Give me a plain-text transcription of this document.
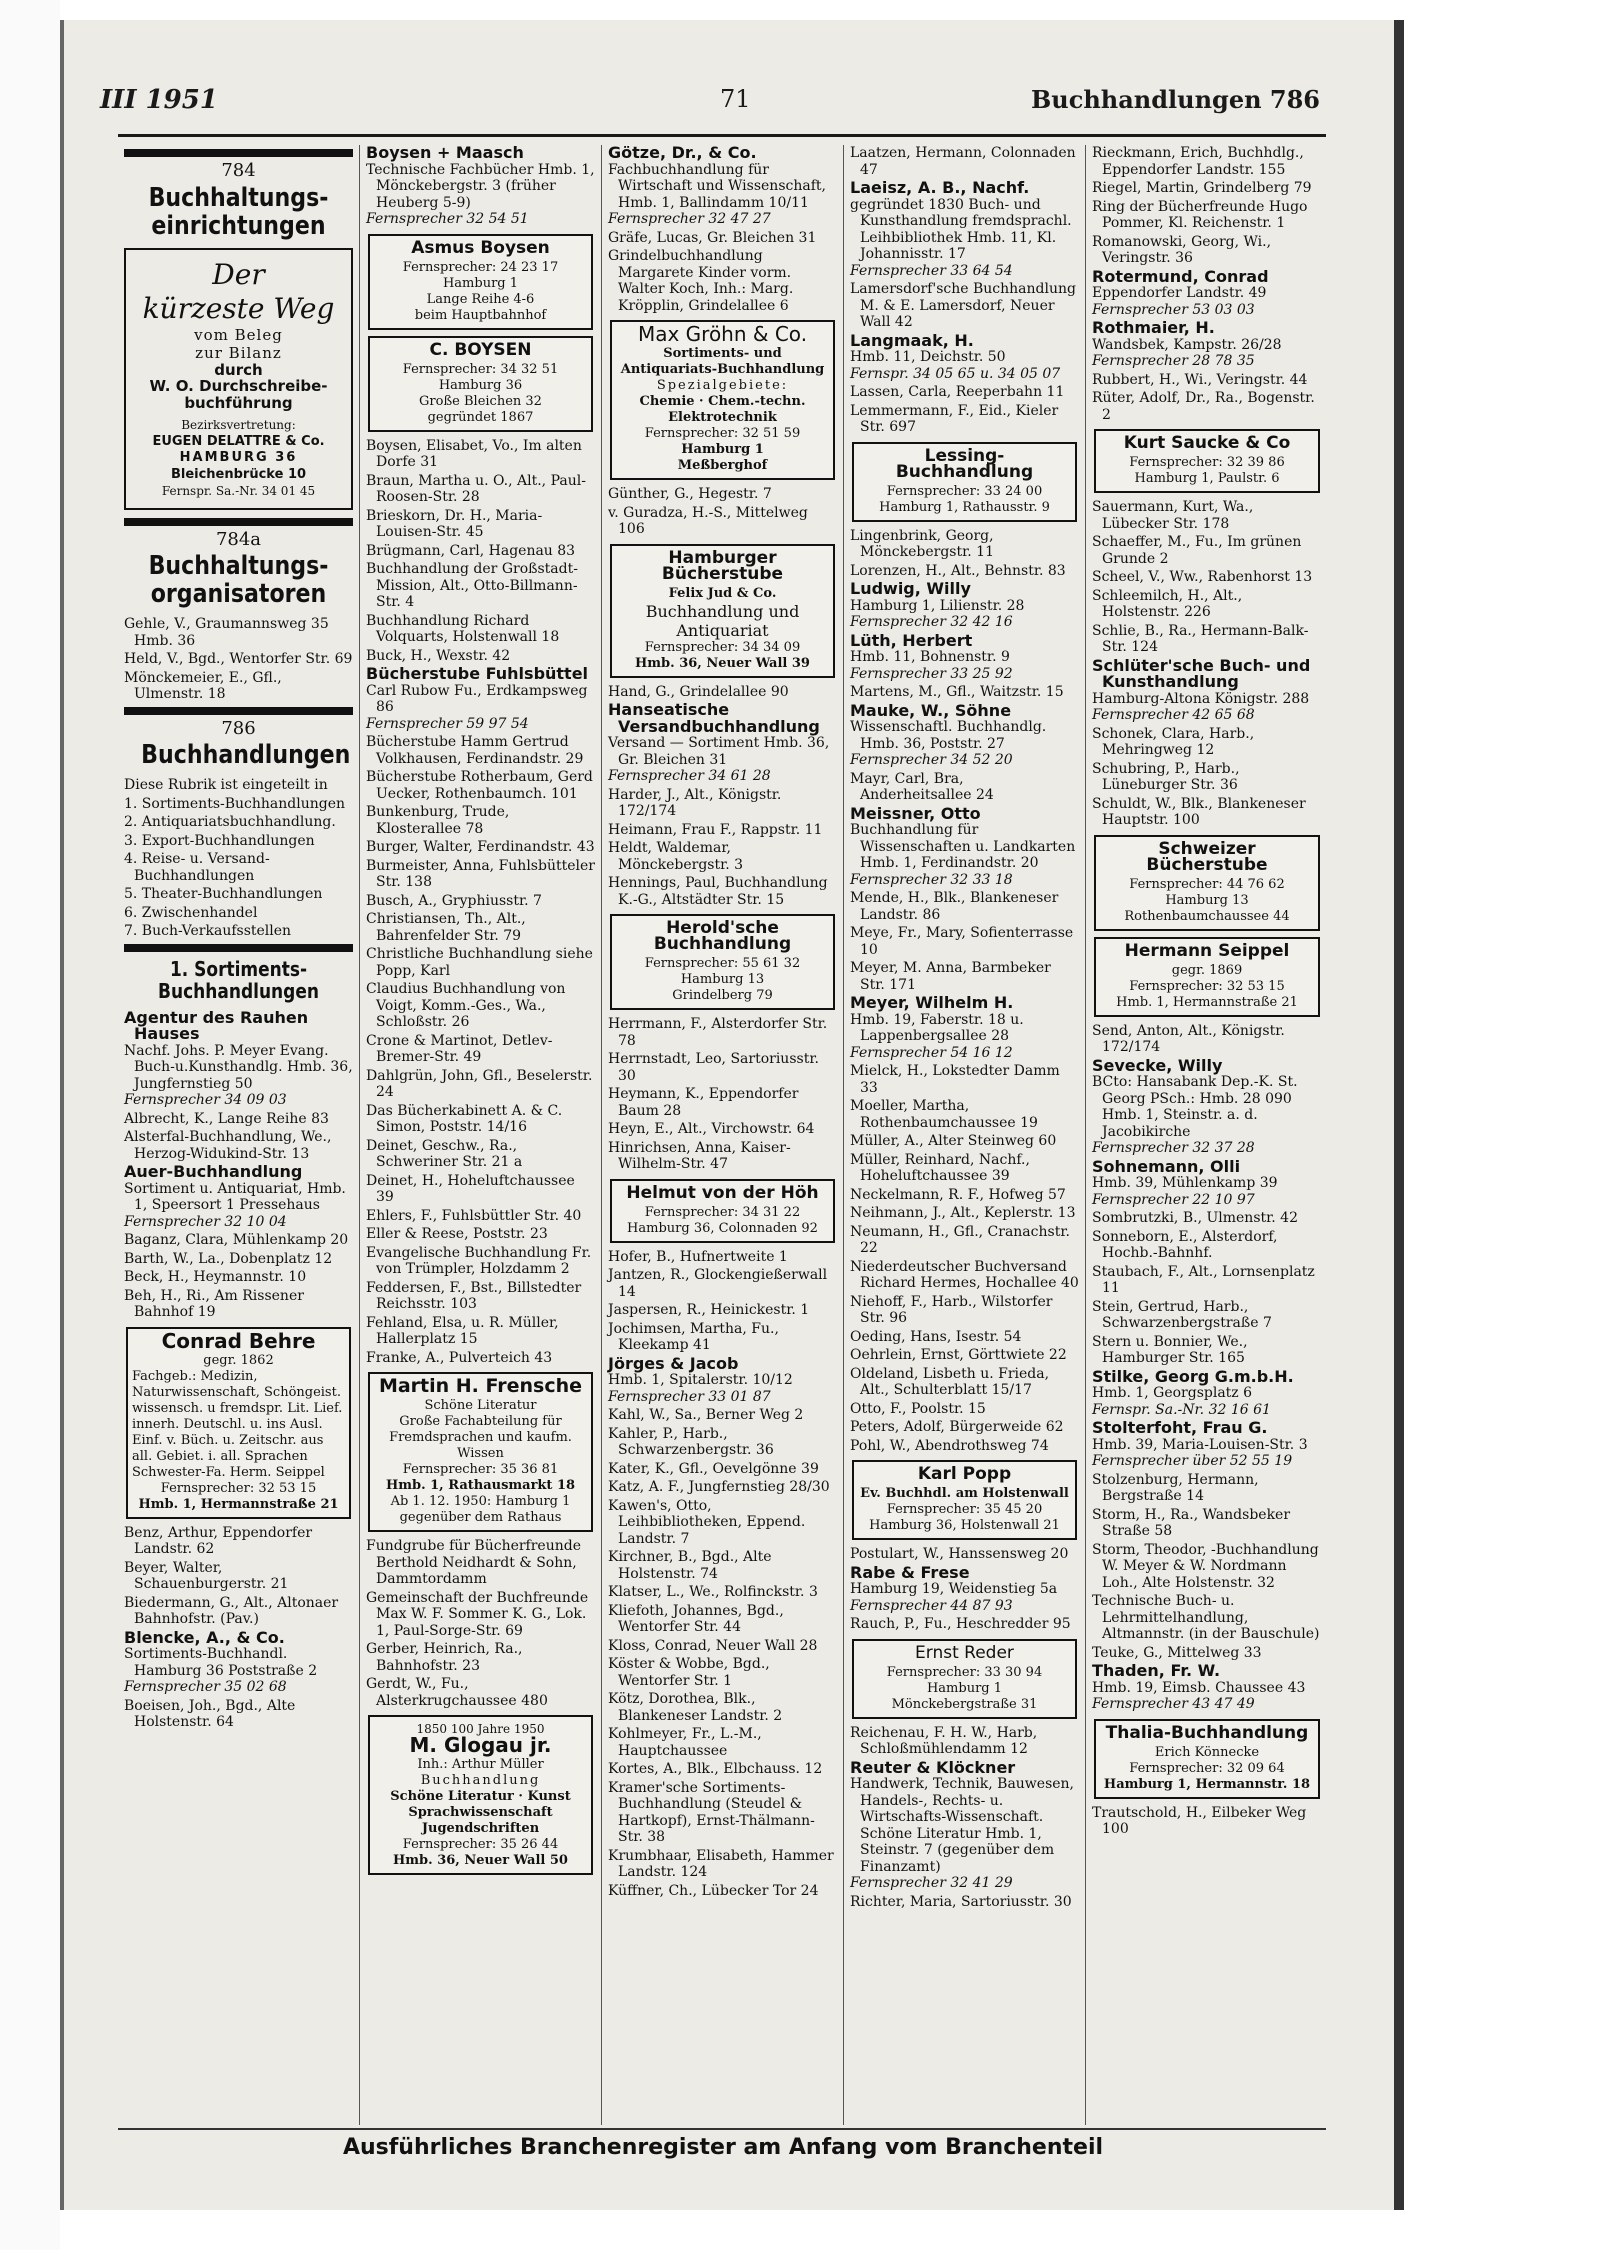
III 1951	71	Buchhandlungen 786
784
Buchhaltungs-einrichtungen
Der
kürzeste Weg
vom Beleg
zur Bilanz
durch
W. O. Durchschreibe-
buchführung
Bezirksvertretung:
EUGEN DELATTRE & Co.
HAMBURG 36
Bleichenbrücke 10
Fernspr. Sa.-Nr. 34 01 45
784a
Buchhaltungs-organisatoren
Gehle, V., Graumannsweg 35 Hmb. 36
Held, V., Bgd., Wentorfer Str. 69
Mönckemeier, E., Gfl., Ulmenstr. 18
786
Buchhandlungen
Diese Rubrik ist eingeteilt in
1. Sortiments-Buchhandlungen
2. Antiquariatsbuchhandlung.
3. Export-Buchhandlungen
4. Reise- u. Versand-Buchhandlungen
5. Theater-Buchhandlungen
6. Zwischenhandel
7. Buch-Verkaufsstellen
1. Sortiments-Buchhandlungen
Agentur des Rauhen Hauses
Nachf. Johs. P. Meyer Evang. Buch-u.Kunsthandlg. Hmb. 36, Jungfernstieg 50
Fernsprecher 34 09 03
Albrecht, K., Lange Reihe 83
Alsterfal-Buchhandlung, We., Herzog-Widukind-Str. 13
Auer-Buchhandlung
Sortiment u. Antiquariat, Hmb. 1, Speersort 1 Pressehaus
Fernsprecher 32 10 04
Baganz, Clara, Mühlenkamp 20
Barth, W., La., Dobenplatz 12
Beck, H., Heymannstr. 10
Beh, H., Ri., Am Rissener Bahnhof 19
Conrad Behre
gegr. 1862
Fachgeb.: Medizin, Naturwissenschaft, Schöngeist. wissensch. u fremdspr. Lit. Lief. innerh. Deutschl. u. ins Ausl. Einf. v. Büch. u. Zeitschr. aus all. Gebiet. i. all. Sprachen Schwester-Fa. Herm. Seippel
Fernsprecher: 32 53 15
Hmb. 1, Hermannstraße 21
Benz, Arthur, Eppendorfer Landstr. 62
Beyer, Walter, Schauenburgerstr. 21
Biedermann, G., Alt., Altonaer Bahnhofstr. (Pav.)
Blencke, A., & Co.
Sortiments-Buchhandl. Hamburg 36 Poststraße 2
Fernsprecher 35 02 68
Boeisen, Joh., Bgd., Alte Holstenstr. 64
Boysen + Maasch
Technische Fachbücher Hmb. 1, Mönckebergstr. 3 (früher Heuberg 5-9)
Fernsprecher 32 54 51
Asmus Boysen
Fernsprecher: 24 23 17
Hamburg 1
Lange Reihe 4-6
beim Hauptbahnhof
C. BOYSEN
Fernsprecher: 34 32 51
Hamburg 36
Große Bleichen 32
gegründet 1867
Boysen, Elisabet, Vo., Im alten Dorfe 31
Braun, Martha u. O., Alt., Paul-Roosen-Str. 28
Brieskorn, Dr. H., Maria-Louisen-Str. 45
Brügmann, Carl, Hagenau 83
Buchhandlung der Großstadt-Mission, Alt., Otto-Billmann-Str. 4
Buchhandlung Richard Volquarts, Holstenwall 18
Buck, H., Wexstr. 42
Bücherstube Fuhlsbüttel
Carl Rubow Fu., Erdkampsweg 86
Fernsprecher 59 97 54
Bücherstube Hamm Gertrud Volkhausen, Ferdinandstr. 29
Bücherstube Rotherbaum, Gerd Uecker, Rothenbaumch. 101
Bunkenburg, Trude, Klosterallee 78
Burger, Walter, Ferdinandstr. 43
Burmeister, Anna, Fuhlsbütteler Str. 138
Busch, A., Gryphiusstr. 7
Christiansen, Th., Alt., Bahrenfelder Str. 79
Christliche Buchhandlung siehe Popp, Karl
Claudius Buchhandlung von Voigt, Komm.-Ges., Wa., Schloßstr. 26
Crone & Martinot, Detlev-Bremer-Str. 49
Dahlgrün, John, Gfl., Beselerstr. 24
Das Bücherkabinett A. & C. Simon, Poststr. 14/16
Deinet, Geschw., Ra., Schweriner Str. 21 a
Deinet, H., Hoheluftchaussee 39
Ehlers, F., Fuhlsbüttler Str. 40
Eller & Reese, Poststr. 23
Evangelische Buchhandlung Fr. von Trümpler, Holzdamm 2
Feddersen, F., Bst., Billstedter Reichsstr. 103
Fehland, Elsa, u. R. Müller, Hallerplatz 15
Franke, A., Pulverteich 43
Martin H. Frensche
Schöne Literatur
Große Fachabteilung für Fremdsprachen und kaufm. Wissen
Fernsprecher: 35 36 81
Hmb. 1, Rathausmarkt 18
Ab 1. 12. 1950: Hamburg 1 gegenüber dem Rathaus
Fundgrube für Bücherfreunde Berthold Neidhardt & Sohn, Dammtordamm
Gemeinschaft der Buchfreunde Max W. F. Sommer K. G., Lok. 1, Paul-Sorge-Str. 69
Gerber, Heinrich, Ra., Bahnhofstr. 23
Gerdt, W., Fu., Alsterkrugchaussee 480
1850 100 Jahre 1950
M. Glogau jr.
Inh.: Arthur Müller
Buchhandlung
Schöne Literatur · Kunst Sprachwissenschaft Jugendschriften
Fernsprecher: 35 26 44
Hmb. 36, Neuer Wall 50
Götze, Dr., & Co.
Fachbuchhandlung für Wirtschaft und Wissenschaft, Hmb. 1, Ballindamm 10/11
Fernsprecher 32 47 27
Gräfe, Lucas, Gr. Bleichen 31
Grindelbuchhandlung Margarete Kinder vorm. Walter Koch, Inh.: Marg. Kröpplin, Grindelallee 6
Max Gröhn & Co.
Sortiments- und Antiquariats-Buchhandlung
Spezialgebiete:
Chemie · Chem.-techn. Elektrotechnik
Fernsprecher: 32 51 59
Hamburg 1
Meßberghof
Günther, G., Hegestr. 7
v. Guradza, H.-S., Mittelweg 106
Hamburger Bücherstube
Felix Jud & Co.
Buchhandlung und Antiquariat
Fernsprecher: 34 34 09
Hmb. 36, Neuer Wall 39
Hand, G., Grindelallee 90
Hanseatische Versandbuchhandlung
Versand — Sortiment Hmb. 36, Gr. Bleichen 31
Fernsprecher 34 61 28
Harder, J., Alt., Königstr. 172/174
Heimann, Frau F., Rappstr. 11
Heldt, Waldemar, Mönckebergstr. 3
Hennings, Paul, Buchhandlung K.-G., Altstädter Str. 15
Herold'sche Buchhandlung
Fernsprecher: 55 61 32
Hamburg 13
Grindelberg 79
Herrmann, F., Alsterdorfer Str. 78
Herrnstadt, Leo, Sartoriusstr. 30
Heymann, K., Eppendorfer Baum 28
Heyn, E., Alt., Virchowstr. 64
Hinrichsen, Anna, Kaiser-Wilhelm-Str. 47
Helmut von der Höh
Fernsprecher: 34 31 22
Hamburg 36, Colonnaden 92
Hofer, B., Hufnertweite 1
Jantzen, R., Glockengießerwall 14
Jaspersen, R., Heinickestr. 1
Jochimsen, Martha, Fu., Kleekamp 41
Jörges & Jacob
Hmb. 1, Spitalerstr. 10/12
Fernsprecher 33 01 87
Kahl, W., Sa., Berner Weg 2
Kahler, P., Harb., Schwarzenbergstr. 36
Kater, K., Gfl., Oevelgönne 39
Katz, A. F., Jungfernstieg 28/30
Kawen's, Otto, Leihbibliotheken, Eppend. Landstr. 7
Kirchner, B., Bgd., Alte Holstenstr. 74
Klatser, L., We., Rolfinckstr. 3
Kliefoth, Johannes, Bgd., Wentorfer Str. 44
Kloss, Conrad, Neuer Wall 28
Köster & Wobbe, Bgd., Wentorfer Str. 1
Kötz, Dorothea, Blk., Blankeneser Landstr. 2
Kohlmeyer, Fr., L.-M., Hauptchaussee
Kortes, A., Blk., Elbchauss. 12
Kramer'sche Sortiments-Buchhandlung (Steudel & Hartkopf), Ernst-Thälmann-Str. 38
Krumbhaar, Elisabeth, Hammer Landstr. 124
Küffner, Ch., Lübecker Tor 24
Laatzen, Hermann, Colonnaden 47
Laeisz, A. B., Nachf.
gegründet 1830 Buch- und Kunsthandlung fremdsprachl. Leihbibliothek Hmb. 11, Kl. Johannisstr. 17
Fernsprecher 33 64 54
Lamersdorf'sche Buchhandlung M. & E. Lamersdorf, Neuer Wall 42
Langmaak, H.
Hmb. 11, Deichstr. 50
Fernspr. 34 05 65 u. 34 05 07
Lassen, Carla, Reeperbahn 11
Lemmermann, F., Eid., Kieler Str. 697
Lessing-Buchhandlung
Fernsprecher: 33 24 00
Hamburg 1, Rathausstr. 9
Lingenbrink, Georg, Mönckebergstr. 11
Lorenzen, H., Alt., Behnstr. 83
Ludwig, Willy
Hamburg 1, Lilienstr. 28
Fernsprecher 32 42 16
Lüth, Herbert
Hmb. 11, Bohnenstr. 9
Fernsprecher 33 25 92
Martens, M., Gfl., Waitzstr. 15
Mauke, W., Söhne
Wissenschaftl. Buchhandlg. Hmb. 36, Poststr. 27
Fernsprecher 34 52 20
Mayr, Carl, Bra, Anderheitsallee 24
Meissner, Otto
Buchhandlung für Wissenschaften u. Landkarten Hmb. 1, Ferdinandstr. 20
Fernsprecher 32 33 18
Mende, H., Blk., Blankeneser Landstr. 86
Meye, Fr., Mary, Sofienterrasse 10
Meyer, M. Anna, Barmbeker Str. 171
Meyer, Wilhelm H.
Hmb. 19, Faberstr. 18 u. Lappenbergsallee 28
Fernsprecher 54 16 12
Mielck, H., Lokstedter Damm 33
Moeller, Martha, Rothenbaumchaussee 19
Müller, A., Alter Steinweg 60
Müller, Reinhard, Nachf., Hoheluftchaussee 39
Neckelmann, R. F., Hofweg 57
Neihmann, J., Alt., Keplerstr. 13
Neumann, H., Gfl., Cranachstr. 22
Niederdeutscher Buchversand Richard Hermes, Hochallee 40
Niehoff, F., Harb., Wilstorfer Str. 96
Oeding, Hans, Isestr. 54
Oehrlein, Ernst, Görttwiete 22
Oldeland, Lisbeth u. Frieda, Alt., Schulterblatt 15/17
Otto, F., Poolstr. 15
Peters, Adolf, Bürgerweide 62
Pohl, W., Abendrothsweg 74
Karl Popp
Ev. Buchhdl. am Holstenwall
Fernsprecher: 35 45 20
Hamburg 36, Holstenwall 21
Postulart, W., Hanssensweg 20
Rabe & Frese
Hamburg 19, Weidenstieg 5a
Fernsprecher 44 87 93
Rauch, P., Fu., Heschredder 95
Ernst Reder
Fernsprecher: 33 30 94
Hamburg 1
Mönckebergstraße 31
Reichenau, F. H. W., Harb, Schloßmühlendamm 12
Reuter & Klöckner
Handwerk, Technik, Bauwesen, Handels-, Rechts- u. Wirtschafts-Wissenschaft. Schöne Literatur Hmb. 1, Steinstr. 7 (gegenüber dem Finanzamt)
Fernsprecher 32 41 29
Richter, Maria, Sartoriusstr. 30
Rieckmann, Erich, Buchhdlg., Eppendorfer Landstr. 155
Riegel, Martin, Grindelberg 79
Ring der Bücherfreunde Hugo Pommer, Kl. Reichenstr. 1
Romanowski, Georg, Wi., Veringstr. 36
Rotermund, Conrad
Eppendorfer Landstr. 49
Fernsprecher 53 03 03
Rothmaier, H.
Wandsbek, Kampstr. 26/28
Fernsprecher 28 78 35
Rubbert, H., Wi., Veringstr. 44
Rüter, Adolf, Dr., Ra., Bogenstr. 2
Kurt Saucke & Co
Fernsprecher: 32 39 86
Hamburg 1, Paulstr. 6
Sauermann, Kurt, Wa., Lübecker Str. 178
Schaeffer, M., Fu., Im grünen Grunde 2
Scheel, V., Ww., Rabenhorst 13
Schleemilch, H., Alt., Holstenstr. 226
Schlie, B., Ra., Hermann-Balk-Str. 124
Schlüter'sche Buch- und Kunsthandlung
Hamburg-Altona Königstr. 288
Fernsprecher 42 65 68
Schonek, Clara, Harb., Mehringweg 12
Schubring, P., Harb., Lüneburger Str. 36
Schuldt, W., Blk., Blankeneser Hauptstr. 100
Schweizer Bücherstube
Fernsprecher: 44 76 62
Hamburg 13
Rothenbaumchaussee 44
Hermann Seippel
gegr. 1869
Fernsprecher: 32 53 15
Hmb. 1, Hermannstraße 21
Send, Anton, Alt., Königstr. 172/174
Sevecke, Willy
BCto: Hansabank Dep.-K. St. Georg PSch.: Hmb. 28 090 Hmb. 1, Steinstr. a. d. Jacobikirche
Fernsprecher 32 37 28
Sohnemann, Olli
Hmb. 39, Mühlenkamp 39
Fernsprecher 22 10 97
Sombrutzki, B., Ulmenstr. 42
Sonneborn, E., Alsterdorf, Hochb.-Bahnhf.
Staubach, F., Alt., Lornsenplatz 11
Stein, Gertrud, Harb., Schwarzenbergstraße 7
Stern u. Bonnier, We., Hamburger Str. 165
Stilke, Georg G.m.b.H.
Hmb. 1, Georgsplatz 6
Fernspr. Sa.-Nr. 32 16 61
Stolterfoht, Frau G.
Hmb. 39, Maria-Louisen-Str. 3
Fernsprecher über 52 55 19
Stolzenburg, Hermann, Bergstraße 14
Storm, H., Ra., Wandsbeker Straße 58
Storm, Theodor, -Buchhandlung W. Meyer & W. Nordmann Loh., Alte Holstenstr. 32
Technische Buch- u. Lehrmittelhandlung, Altmannstr. (in der Bauschule)
Teuke, G., Mittelweg 33
Thaden, Fr. W.
Hmb. 19, Eimsb. Chaussee 43
Fernsprecher 43 47 49
Thalia-Buchhandlung
Erich Könnecke
Fernsprecher: 32 09 64
Hamburg 1, Hermannstr. 18
Trautschold, H., Eilbeker Weg 100
Ausführliches Branchenregister am Anfang vom Branchenteil
